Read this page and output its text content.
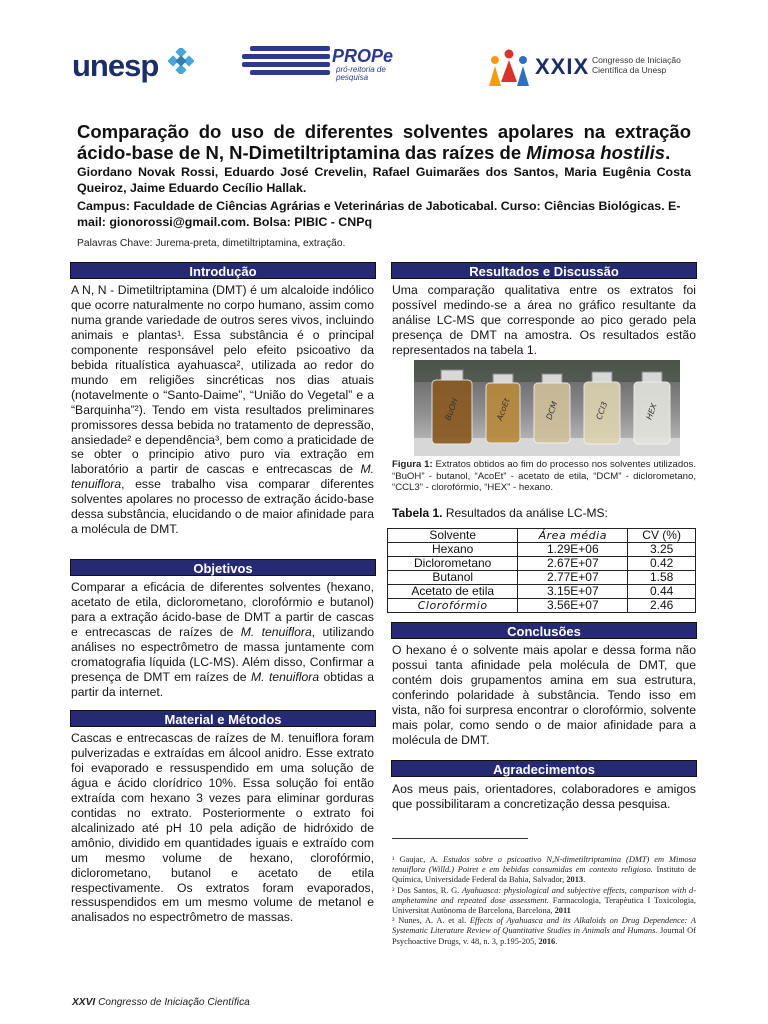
unesp	PROPe
pró-reitoria de pesquisa	XXIX Congresso de Iniciação Científica da Unesp
Comparação do uso de diferentes solventes apolares na extração ácido-base de N, N-Dimetiltriptamina das raízes de Mimosa hostilis.
Giordano Novak Rossi, Eduardo José Crevelin, Rafael Guimarães dos Santos, Maria Eugênia Costa Queiroz, Jaime Eduardo Cecílio Hallak.
Campus: Faculdade de Ciências Agrárias e Veterinárias de Jaboticabal. Curso: Ciências Biológicas. E-mail: gionorossi@gmail.com. Bolsa: PIBIC - CNPq
Palavras Chave: Jurema-preta, dimetiltriptamina, extração.
Introdução
A N, N - Dimetiltriptamina (DMT) é um alcaloide indólico que ocorre naturalmente no corpo humano, assim como numa grande variedade de outros seres vivos, incluindo animais e plantas¹. Essa substância é o principal componente responsável pelo efeito psicoativo da bebida ritualística ayahuasca², utilizada ao redor do mundo em religiões sincréticas nos dias atuais (notavelmente o “Santo-Daime”, “União do Vegetal” e a “Barquinha”²). Tendo em vista resultados preliminares promissores dessa bebida no tratamento de depressão, ansiedade² e dependência³, bem como a praticidade de se obter o principio ativo puro via extração em laboratório a partir de cascas e entrecascas de M. tenuiflora, esse trabalho visa comparar diferentes solventes apolares no processo de extração ácido-base dessa substância, elucidando o de maior afinidade para a molécula de DMT.
Objetivos
Comparar a eficácia de diferentes solventes (hexano, acetato de etila, diclorometano, clorofórmio e butanol) para a extração ácido-base de DMT a partir de cascas e entrecascas de raízes de M. tenuiflora, utilizando análises no espectrômetro de massa juntamente com cromatografia líquida (LC-MS). Além disso, Confirmar a presença de DMT em raízes de M. tenuiflora obtidas a partir da internet.
Material e Métodos
Cascas e entrecascas de raízes de M. tenuiflora foram pulverizadas e extraídas em álcool anidro. Esse extrato foi evaporado e ressuspendido em uma solução de água e ácido clorídrico 10%. Essa solução foi então extraída com hexano 3 vezes para eliminar gorduras contidas no extrato. Posteriormente o extrato foi alcalinizado até pH 10 pela adição de hidróxido de amônio, dividido em quantidades iguais e extraído com um mesmo volume de hexano, clorofórmio, diclorometano, butanol e acetato de etila respectivamente. Os extratos foram evaporados, ressuspendidos em um mesmo volume de metanol e analisados no espectrômetro de massas.
Resultados e Discussão
Uma comparação qualitativa entre os extratos foi possível medindo-se a área no gráfico resultante da análise LC-MS que corresponde ao pico gerado pela presença de DMT na amostra. Os resultados estão representados na tabela 1.
BuOH	AcoEt	DCM	CCl3	HEX
Figura 1: Extratos obtidos ao fim do processo nos solventes utilizados. “BuOH” - butanol, “AcoEt” - acetato de etila, “DCM” - diclorometano, “CCL3” - clorofórmio, “HEX” - hexano.
Tabela 1. Resultados da análise LC-MS:
Solvente	Área média	CV (%)
Hexano	1.29E+06	3.25
Diclorometano	2.67E+07	0.42
Butanol	2.77E+07	1.58
Acetato de etila	3.15E+07	0.44
Clorofórmio	3.56E+07	2.46
Conclusões
O hexano é o solvente mais apolar e dessa forma não possui tanta afinidade pela molécula de DMT, que contém dois grupamentos amina em sua estrutura, conferindo polaridade à substância. Tendo isso em vista, não foi surpresa encontrar o clorofórmio, solvente mais polar, como sendo o de maior afinidade para a molécula de DMT.
Agradecimentos
Aos meus pais, orientadores, colaboradores e amigos que possibilitaram a concretização dessa pesquisa.

¹ Gaujac, A. Estudos sobre o psicoativo N,N-dimetiltriptamina (DMT) em Mimosa tenuiflora (Willd.) Poiret e em bebidas consumidas em contexto religioso. Instituto de Química, Universidade Federal da Bahia, Salvador, 2013.

² Dos Santos, R. G. Ayahuasca: physiological and subjective effects, comparison with d-amphetamine and repeated dose assessment. Farmacologia, Terapèutica I Toxicologia, Universitat Autònoma de Barcelona, Barcelona, 2011

³ Nunes, A. A. et al. Effects of Ayahuasca and its Alkaloids on Drug Dependence: A Systematic Literature Review of Quantitative Studies in Animals and Humans. Journal Of Psychoactive Drugs, v. 48, n. 3, p.195-205, 2016.

XXVI Congresso de Iniciação Científica
